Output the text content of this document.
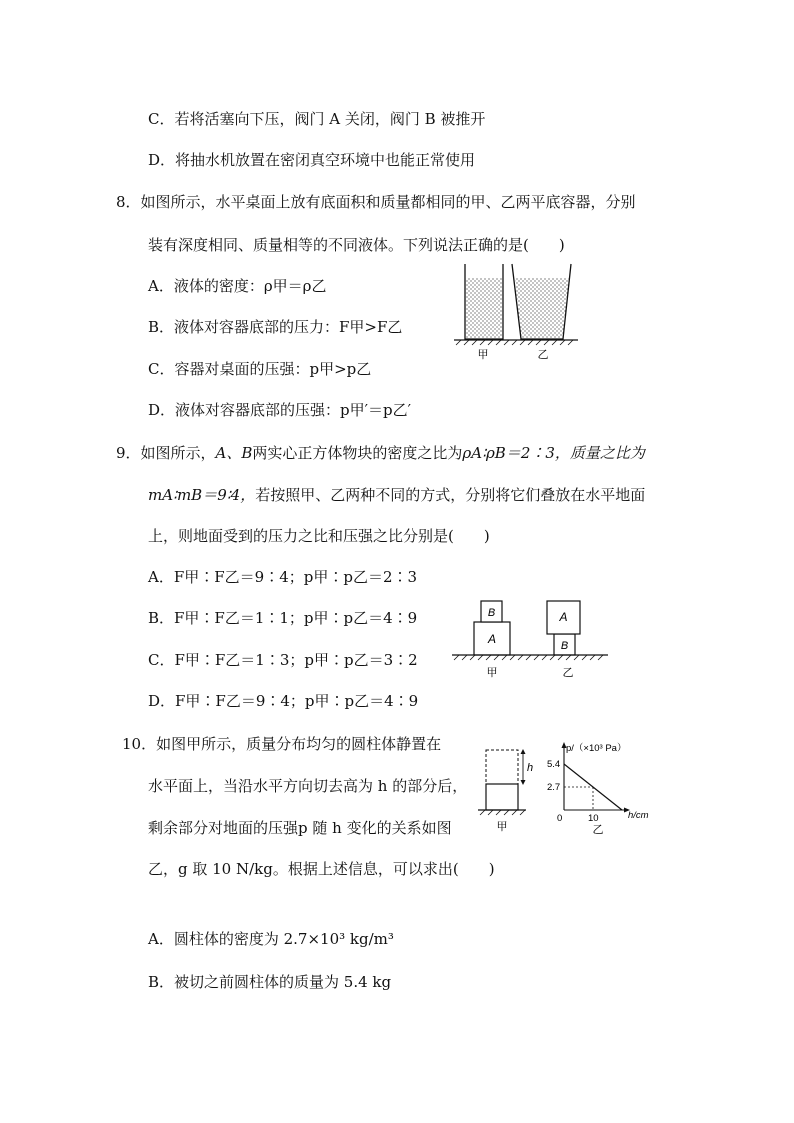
C．若将活塞向下压，阀门 A 关闭，阀门 B 被推开
D．将抽水机放置在密闭真空环境中也能正常使用
8．如图所示，水平桌面上放有底面积和质量都相同的甲、乙两平底容器，分别
装有深度相同、质量相等的不同液体。下列说法正确的是(　　)
A．液体的密度：ρ甲＝ρ乙
B．液体对容器底部的压力：F甲>F乙
C．容器对桌面的压强：p甲>p乙
D．液体对容器底部的压强：p甲′＝p乙′
甲	乙
9．如图所示，A、B两实心正方体物块的密度之比为ρA∶ρB＝2∶3，质量之比为
mA∶mB＝9∶4，若按照甲、乙两种不同的方式，分别将它们叠放在水平地面
上，则地面受到的压力之比和压强之比分别是(　　)
A．F甲∶F乙＝9∶4；p甲∶p乙＝2∶3
B．F甲∶F乙＝1∶1；p甲∶p乙＝4∶9
C．F甲∶F乙＝1∶3；p甲∶p乙＝3∶2
D．F甲∶F乙＝9∶4；p甲∶p乙＝4∶9
A
B
B
A
甲	乙
10．如图甲所示，质量分布均匀的圆柱体静置在
水平面上，当沿水平方向切去高为 h 的部分后，
剩余部分对地面的压强p 随 h 变化的关系如图
乙，g 取 10 N/kg。根据上述信息，可以求出(　　)
h
甲
p/（×10³ Pa）
5.4
2.7
0	10	h/cm
乙
A．圆柱体的密度为 2.7×10³ kg/m³
B．被切之前圆柱体的质量为 5.4 kg
